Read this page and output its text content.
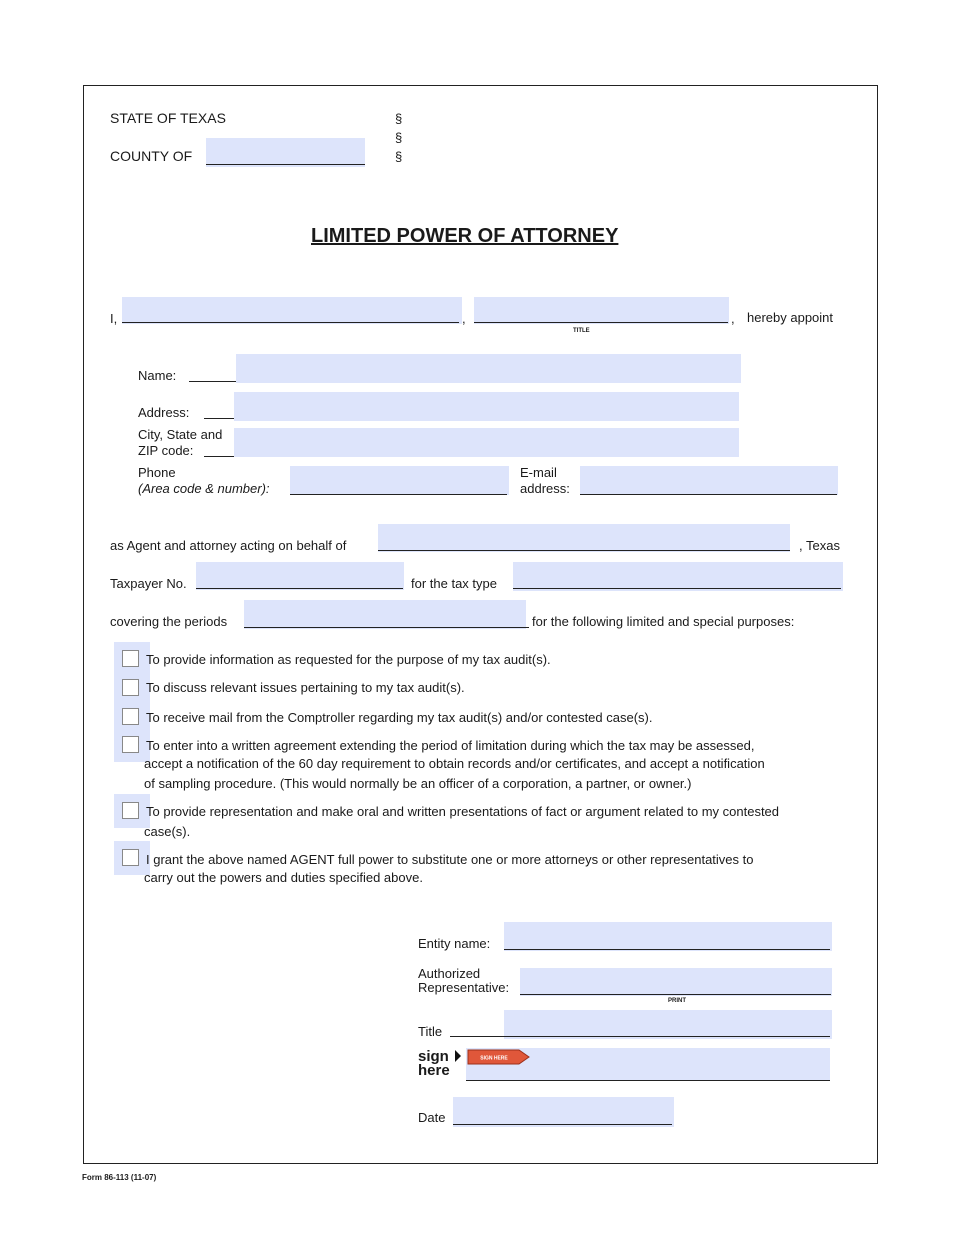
STATE OF TEXAS
COUNTY OF
§
§
§
LIMITED POWER OF ATTORNEY
I,	,
TITLE
, hereby appoint
Name:
Address:
City, State and
ZIP code:
Phone
(Area code & number):
E-mail
address:
as Agent and attorney acting on behalf of	, Texas
Taxpayer No.	for the tax type
covering the periods	for the following limited and special purposes:
To provide information as requested for the purpose of my tax audit(s).
To discuss relevant issues pertaining to my tax audit(s).
To receive mail from the Comptroller regarding my tax audit(s) and/or contested case(s).
To enter into a written agreement extending the period of limitation during which the tax may be assessed,
accept a notification of the 60 day requirement to obtain records and/or certificates, and accept a notification
of sampling procedure. (This would normally be an officer of a corporation, a partner, or owner.)
To provide representation and make oral and written presentations of fact or argument related to my contested
case(s).
I grant the above named AGENT full power to substitute one or more attorneys or other representatives to
carry out the powers and duties specified above.
Entity name:
Authorized
Representative:
PRINT
Title
sign
here
SIGN HERE
Date
Form 86-113 (11-07)
